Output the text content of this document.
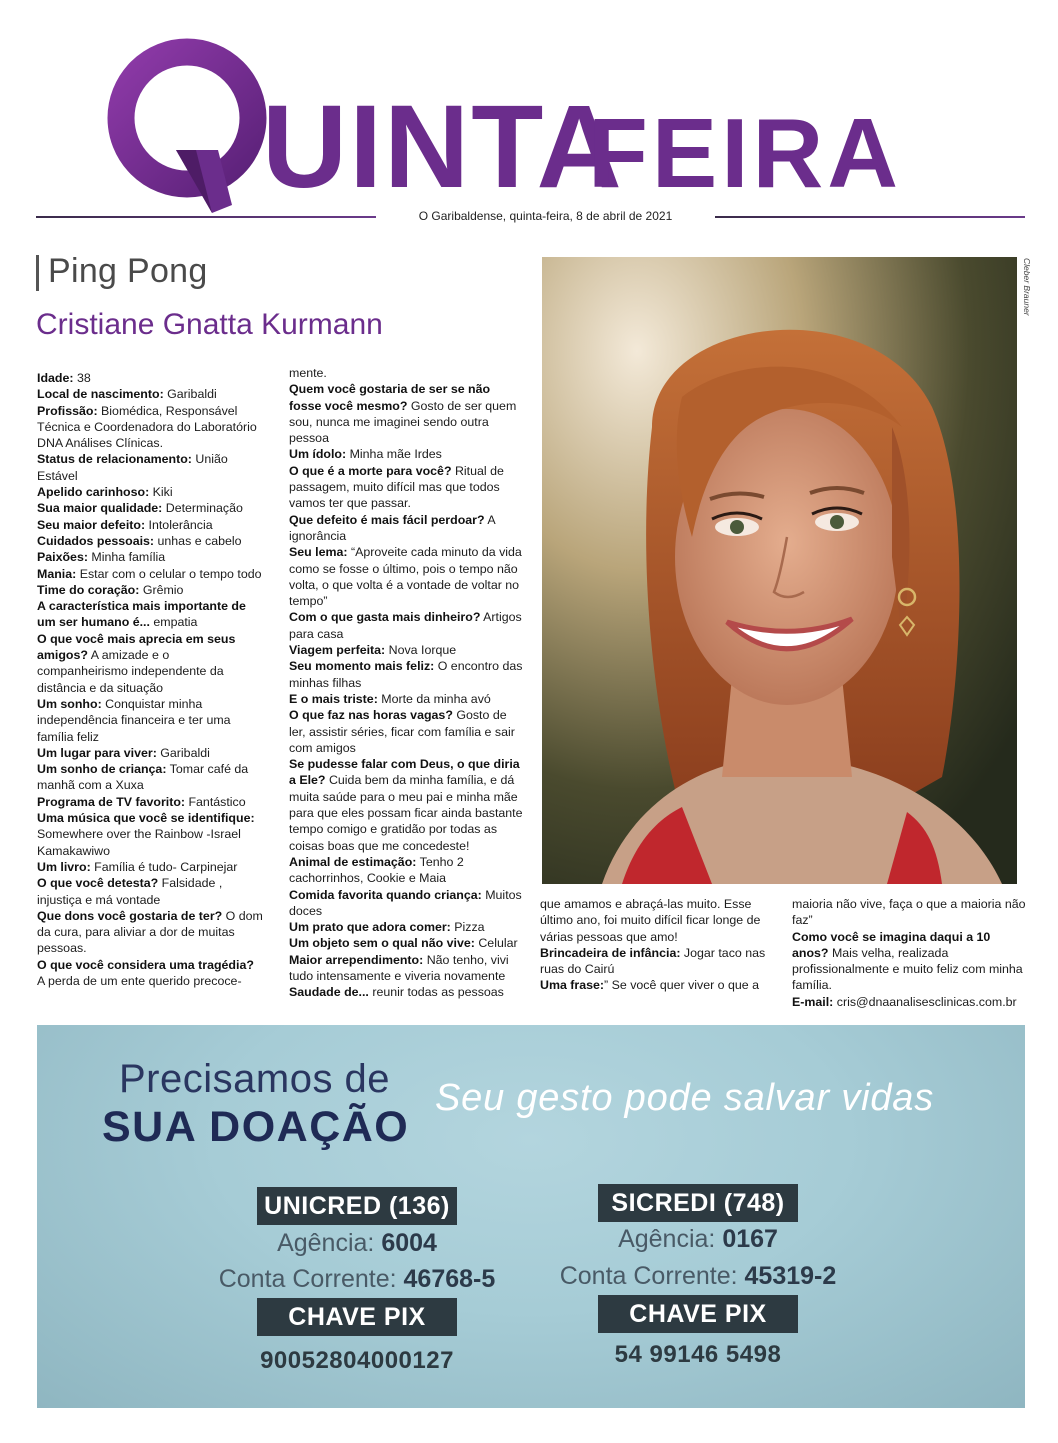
UINTA
FEIRA
O Garibaldense, quinta-feira, 8 de abril de 2021
Ping Pong
Cristiane Gnatta Kurmann

Idade: 38

Local de nascimento: Garibaldi

Profissão: Biomédica, Responsável Técnica e Coordenadora do Laboratório DNA Análises Clínicas.

Status de relacionamento: União Estável

Apelido carinhoso: Kiki

Sua maior qualidade: Determinação

Seu maior defeito: Intolerância

Cuidados pessoais: unhas e cabelo

Paixões: Minha família

Mania: Estar com o celular o tempo todo

Time do coração: Grêmio

A característica mais importante de um ser humano é... empatia

O que você mais aprecia em seus amigos? A amizade e o companheirismo independente da distância e da situação

Um sonho: Conquistar minha independência financeira e ter uma família feliz

Um lugar para viver: Garibaldi

Um sonho de criança: Tomar café da manhã com a Xuxa

Programa de TV favorito: Fantástico

Uma música que você se identifique: Somewhere over the Rainbow -Israel Kamakawiwo

Um livro: Família é tudo- Carpinejar

O que você detesta? Falsidade , injustiça e má vontade

Que dons você gostaria de ter? O dom da cura, para aliviar a dor de muitas pessoas.

O que você considera uma tragédia? A perda de um ente querido precoce-

mente.

Quem você gostaria de ser se não fosse você mesmo? Gosto de ser quem sou, nunca me imaginei sendo outra pessoa

Um ídolo: Minha mãe Irdes

O que é a morte para você? Ritual de passagem, muito difícil mas que todos vamos ter que passar.

Que defeito é mais fácil perdoar? A ignorância

Seu lema: “Aproveite cada minuto da vida como se fosse o último, pois o tempo não volta, o que volta é a vontade de voltar no tempo”

Com o que gasta mais dinheiro? Artigos para casa

Viagem perfeita: Nova Iorque

Seu momento mais feliz: O encontro das minhas filhas

E o mais triste: Morte da minha avó

O que faz nas horas vagas? Gosto de ler, assistir séries, ficar com família e sair com amigos

Se pudesse falar com Deus, o que diria a Ele? Cuida bem da minha família, e dá muita saúde para o meu pai e minha mãe para que eles possam ficar ainda bastante tempo comigo e gratidão por todas as coisas boas que me concedeste!

Animal de estimação: Tenho 2 cachorrinhos, Cookie e Maia

Comida favorita quando criança: Muitos doces

Um prato que adora comer: Pizza

Um objeto sem o qual não vive: Celular

Maior arrependimento: Não tenho, vivi tudo intensamente e viveria novamente

Saudade de... reunir todas as pessoas

que amamos e abraçá-las muito. Esse último ano, foi muito difícil ficar longe de várias pessoas que amo!

Brincadeira de infância: Jogar taco nas ruas do Cairú

Uma frase:” Se você quer viver o que a

maioria não vive, faça o que a maioria não faz”

Como você se imagina daqui a 10 anos? Mais velha, realizada profissionalmente e muito feliz com minha família.

E-mail: cris@dnaanalisesclinicas.com.br

Cleber Brauner
Precisamos de
SUA DOAÇÃO
Seu gesto pode salvar vidas
UNICRED (136)
Agência: 6004
Conta Corrente: 46768-5
CHAVE PIX
90052804000127
SICREDI (748)
Agência: 0167
Conta Corrente: 45319-2
CHAVE PIX
54 99146 5498
